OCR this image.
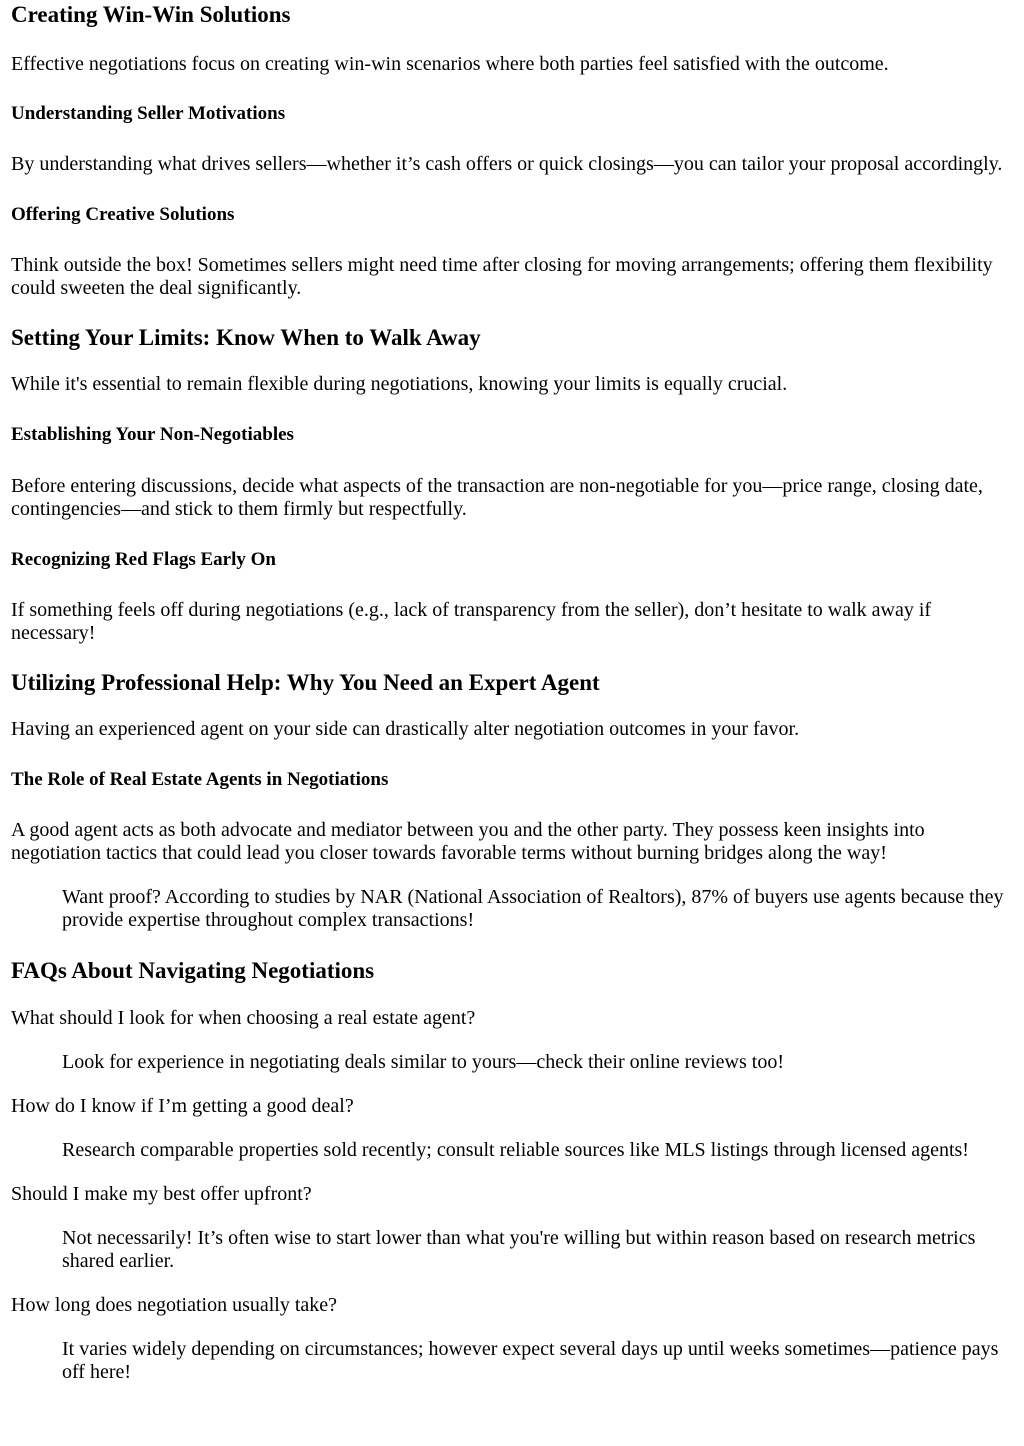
Creating Win-Win Solutions

Effective negotiations focus on creating win-win scenarios where both parties feel satisfied with the outcome.

Understanding Seller Motivations

By understanding what drives sellers—whether it’s cash offers or quick closings—you can tailor your proposal accordingly.

Offering Creative Solutions

Think outside the box! Sometimes sellers might need time after closing for moving arrangements; offering them flexibility could sweeten the deal significantly.

Setting Your Limits: Know When to Walk Away

While it's essential to remain flexible during negotiations, knowing your limits is equally crucial.

Establishing Your Non-Negotiables

Before entering discussions, decide what aspects of the transaction are non-negotiable for you—price range, closing date, contingencies—and stick to them firmly but respectfully.

Recognizing Red Flags Early On

If something feels off during negotiations (e.g., lack of transparency from the seller), don’t hesitate to walk away if necessary!

Utilizing Professional Help: Why You Need an Expert Agent

Having an experienced agent on your side can drastically alter negotiation outcomes in your favor.

The Role of Real Estate Agents in Negotiations

A good agent acts as both advocate and mediator between you and the other party. They possess keen insights into negotiation tactics that could lead you closer towards favorable terms without burning bridges along the way!

Want proof? According to studies by NAR (National Association of Realtors), 87% of buyers use agents because they provide expertise throughout complex transactions!
FAQs About Navigating Negotiations

What should I look for when choosing a real estate agent?

Look for experience in negotiating deals similar to yours—check their online reviews too!

How do I know if I’m getting a good deal?

Research comparable properties sold recently; consult reliable sources like MLS listings through licensed agents!

Should I make my best offer upfront?

Not necessarily! It’s often wise to start lower than what you're willing but within reason based on research metrics shared earlier.

How long does negotiation usually take?

It varies widely depending on circumstances; however expect several days up until weeks sometimes—patience pays off here!
